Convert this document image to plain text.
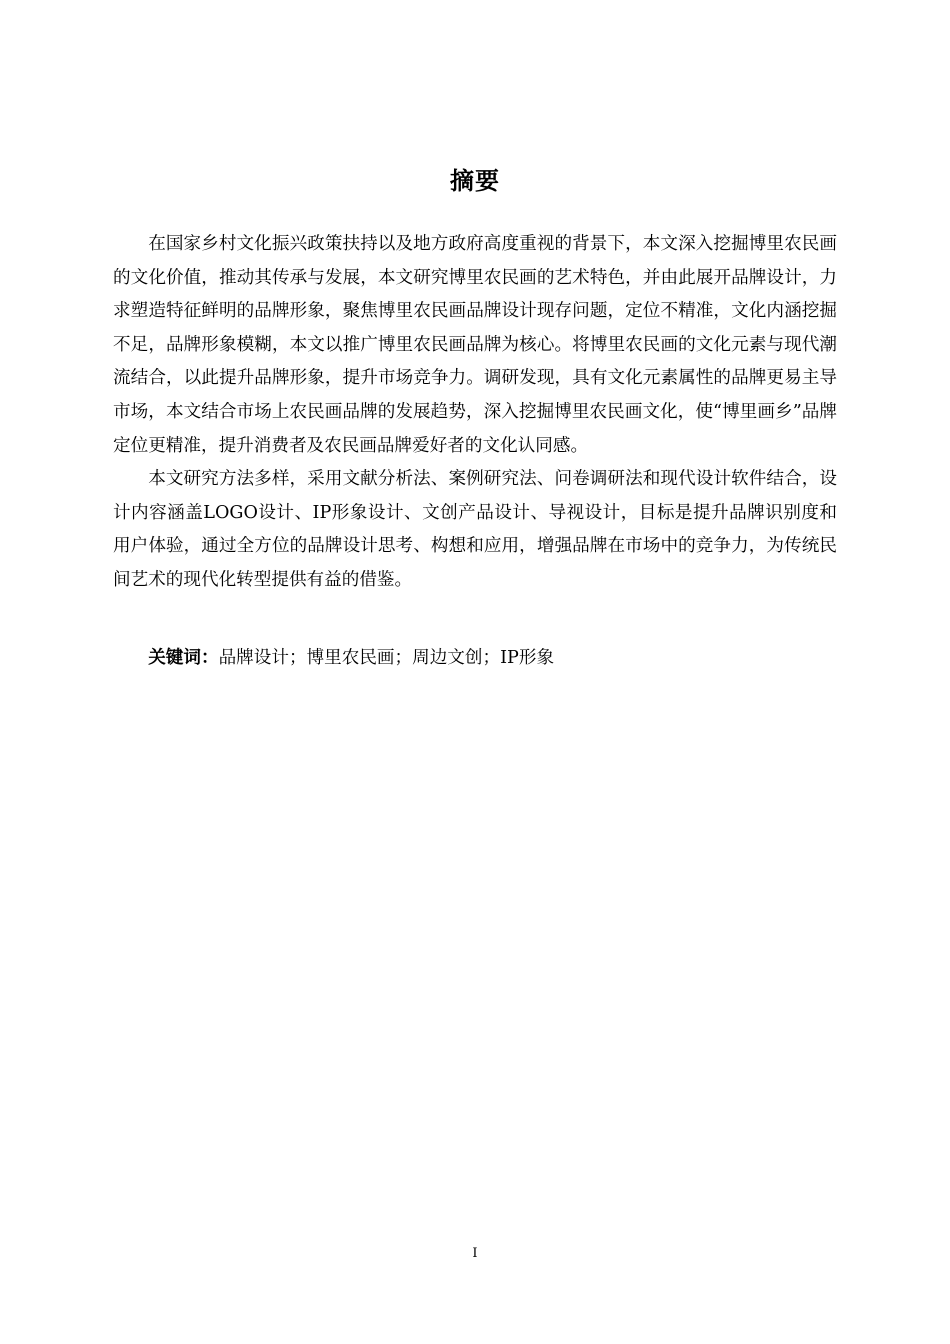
摘要

在国家乡村文化振兴政策扶持以及地方政府高度重视的背景下，本文深入挖掘博里农民画的文化价值，推动其传承与发展，本文研究博里农民画的艺术特色，并由此展开品牌设计，力求塑造特征鲜明的品牌形象，聚焦博里农民画品牌设计现存问题，定位不精准，文化内涵挖掘不足，品牌形象模糊，本文以推广博里农民画品牌为核心。将博里农民画的文化元素与现代潮流结合，以此提升品牌形象，提升市场竞争力。调研发现，具有文化元素属性的品牌更易主导市场，本文结合市场上农民画品牌的发展趋势，深入挖掘博里农民画文化，使“博里画乡”品牌定位更精准，提升消费者及农民画品牌爱好者的文化认同感。

本文研究方法多样，采用文献分析法、案例研究法、问卷调研法和现代设计软件结合，设计内容涵盖LOGO设计、IP形象设计、文创产品设计、导视设计，目标是提升品牌识别度和用户体验，通过全方位的品牌设计思考、构想和应用，增强品牌在市场中的竞争力，为传统民间艺术的现代化转型提供有益的借鉴。

关键词：品牌设计；博里农民画；周边文创；IP形象
I
